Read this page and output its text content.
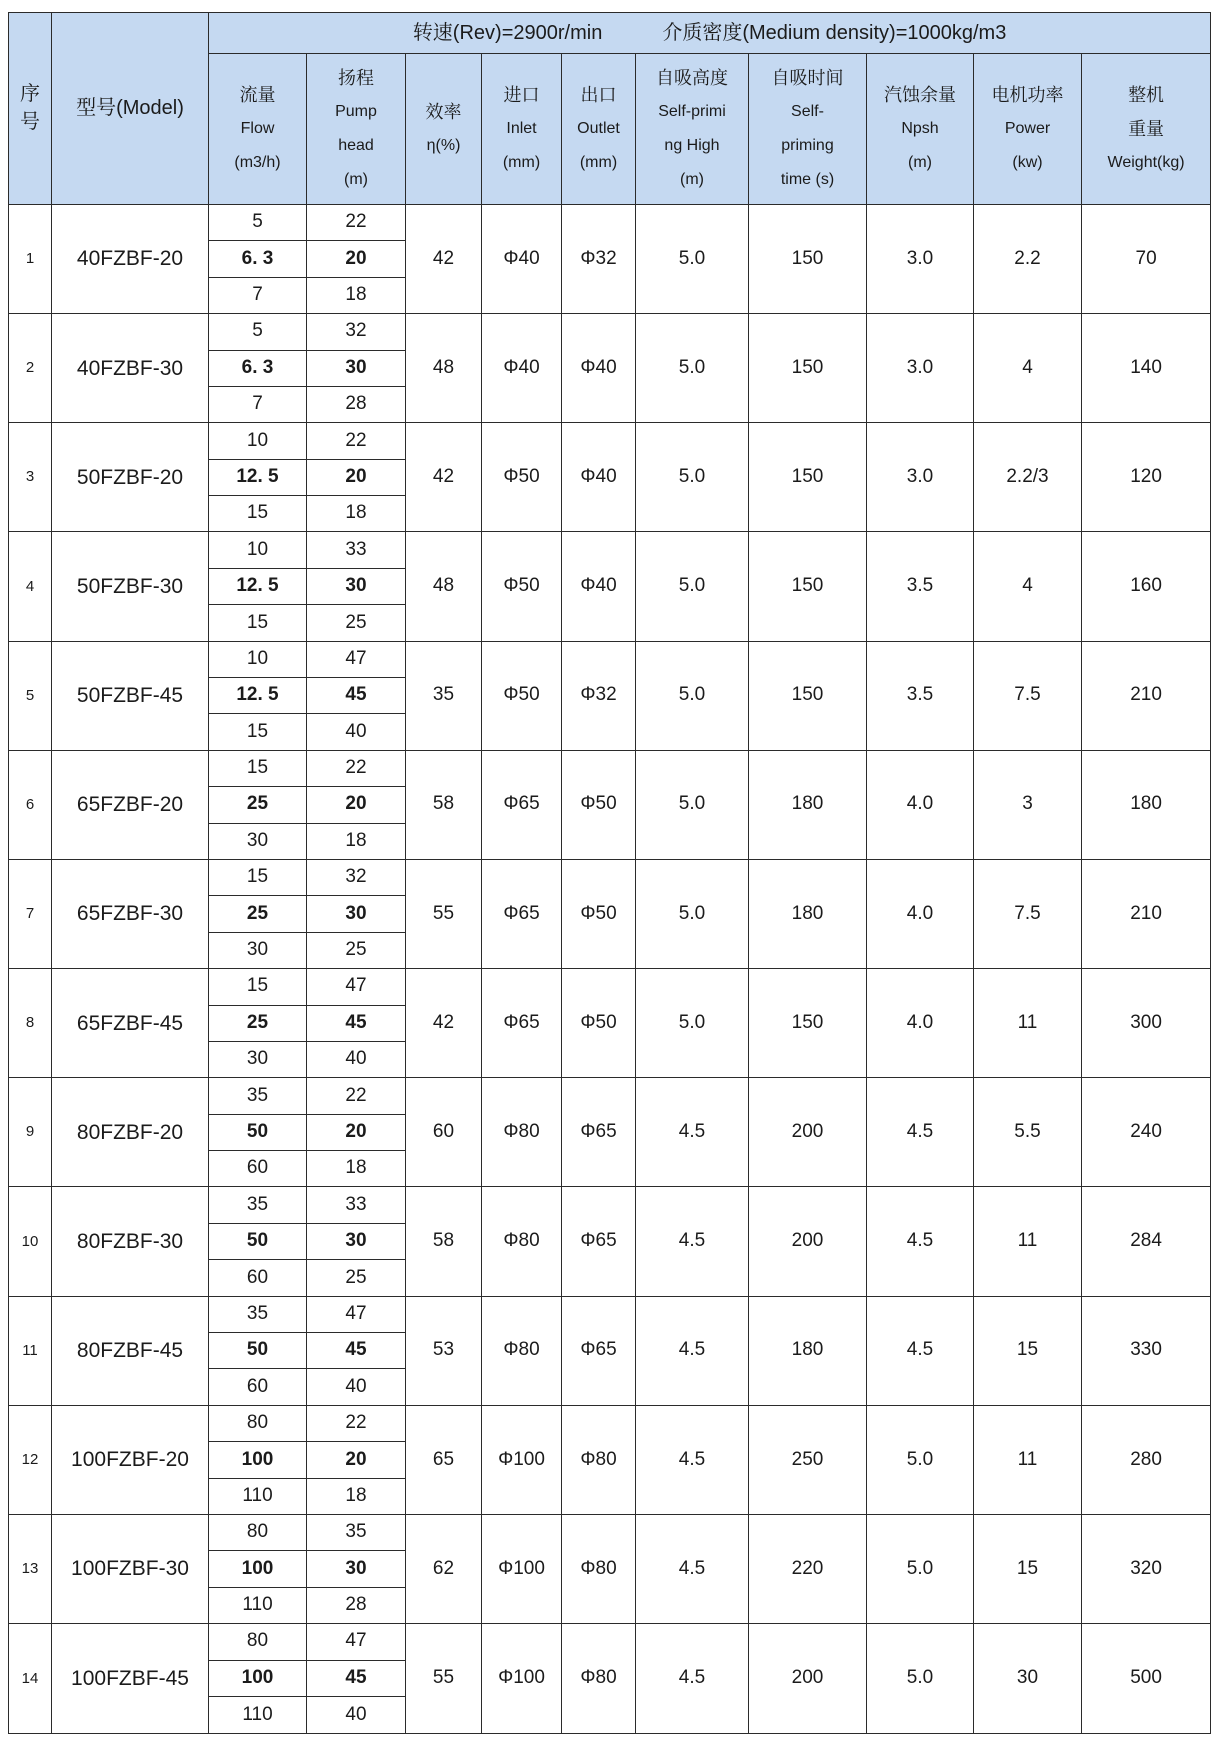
序
号	型号(Model)	转速(Rev)=2900r/min　　　介质密度(Medium density)=1000kg/m3									

		流量
Flow
(m3/h)	扬程
Pump
head
(m)	效率
η(%)	进口
Inlet
(mm)	出口
Outlet
(mm)	自吸高度
Self-primi
ng High
(m)	自吸时间
Self-
priming
time (s)	汽蚀余量
Npsh
(m)	电机功率
Power
(kw)	整机
重量
Weight(kg)

1	40FZBF-20	5	22	42	Φ40	Φ32	5.0	150	3.0	2.2	70
		6. 3	20								
		7	18								
2	40FZBF-30	5	32	48	Φ40	Φ40	5.0	150	3.0	4	140
		6. 3	30								
		7	28								
3	50FZBF-20	10	22	42	Φ50	Φ40	5.0	150	3.0	2.2/3	120
		12. 5	20								
		15	18								
4	50FZBF-30	10	33	48	Φ50	Φ40	5.0	150	3.5	4	160
		12. 5	30								
		15	25								
5	50FZBF-45	10	47	35	Φ50	Φ32	5.0	150	3.5	7.5	210
		12. 5	45								
		15	40								
6	65FZBF-20	15	22	58	Φ65	Φ50	5.0	180	4.0	3	180
		25	20								
		30	18								
7	65FZBF-30	15	32	55	Φ65	Φ50	5.0	180	4.0	7.5	210
		25	30								
		30	25								
8	65FZBF-45	15	47	42	Φ65	Φ50	5.0	150	4.0	11	300
		25	45								
		30	40								
9	80FZBF-20	35	22	60	Φ80	Φ65	4.5	200	4.5	5.5	240
		50	20								
		60	18								
10	80FZBF-30	35	33	58	Φ80	Φ65	4.5	200	4.5	11	284
		50	30								
		60	25								
11	80FZBF-45	35	47	53	Φ80	Φ65	4.5	180	4.5	15	330
		50	45								
		60	40								
12	100FZBF-20	80	22	65	Φ100	Φ80	4.5	250	5.0	11	280
		100	20								
		110	18								
13	100FZBF-30	80	35	62	Φ100	Φ80	4.5	220	5.0	15	320
		100	30								
		110	28								
14	100FZBF-45	80	47	55	Φ100	Φ80	4.5	200	5.0	30	500
		100	45								
		110	40								
